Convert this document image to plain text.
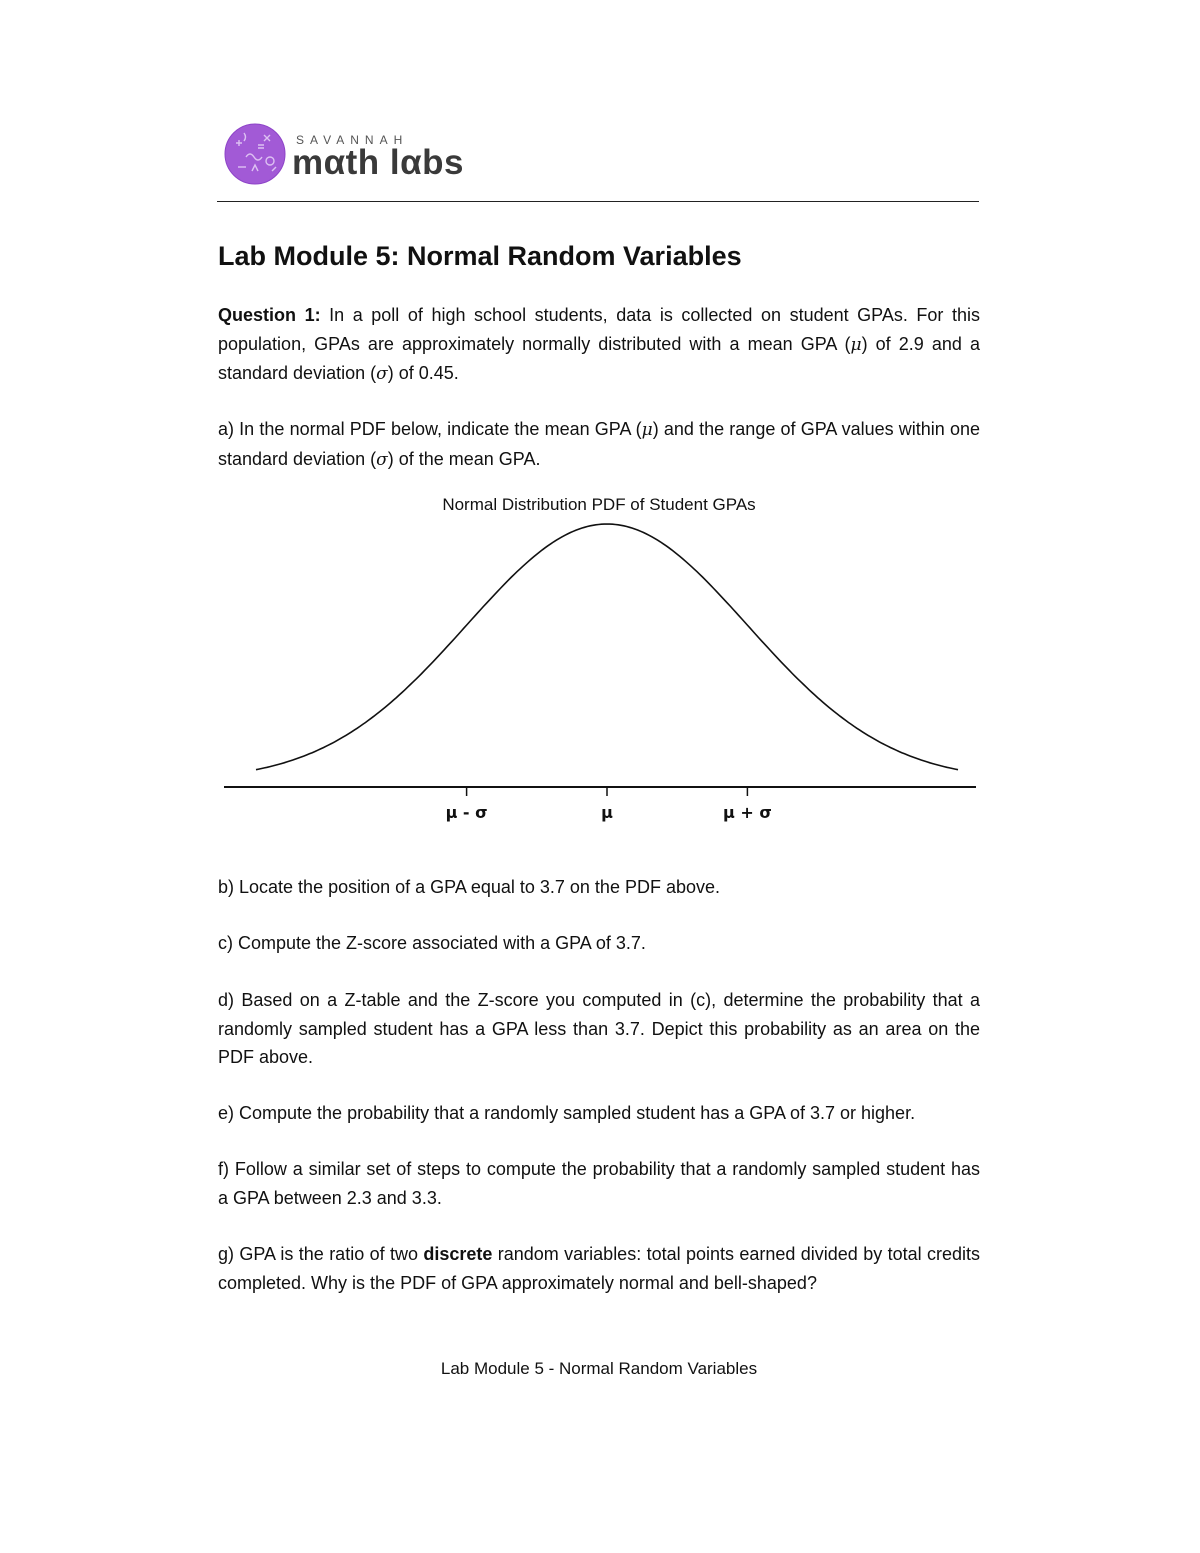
SAVANNAH
mαth lαbs
Lab Module 5: Normal Random Variables

Question 1: In a poll of high school students, data is collected on student GPAs. For this population, GPAs are approximately normally distributed with a mean GPA (μ) of 2.9 and a standard deviation (σ) of 0.45.

a) In the normal PDF below, indicate the mean GPA (μ) and the range of GPA values within one standard deviation (σ) of the mean GPA.

Normal Distribution PDF of Student GPAs
μ - σ	μ	μ + σ

b) Locate the position of a GPA equal to 3.7 on the PDF above.

c) Compute the Z-score associated with a GPA of 3.7.

d) Based on a Z-table and the Z-score you computed in (c), determine the probability that a randomly sampled student has a GPA less than 3.7. Depict this probability as an area on the PDF above.

e) Compute the probability that a randomly sampled student has a GPA of 3.7 or higher.

f) Follow a similar set of steps to compute the probability that a randomly sampled student has a GPA between 2.3 and 3.3.

g) GPA is the ratio of two discrete random variables: total points earned divided by total credits completed. Why is the PDF of GPA approximately normal and bell-shaped?

Lab Module 5 - Normal Random Variables
